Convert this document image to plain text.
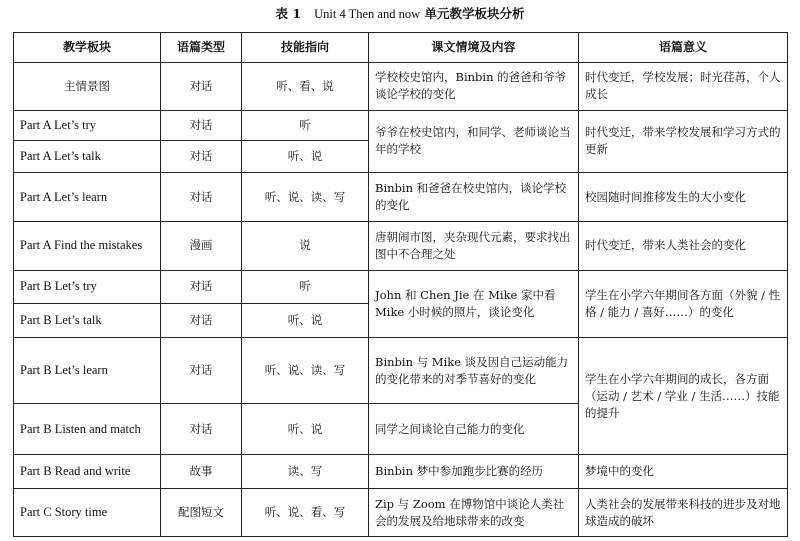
表 1 Unit 4 Then and now 单元教学板块分析
教学板块	语篇类型	技能指向	课文情境及内容	语篇意义
主情景图	对话	听、看、说	学校校史馆内，Binbin 的爸爸和爷爷谈论学校的变化	时代变迁，学校发展；时光荏苒，个人成长
Part A Let’s try	对话	听	爷爷在校史馆内，和同学、老师谈论当年的学校	时代变迁，带来学校发展和学习方式的更新
Part A Let’s talk	对话	听、说		
Part A Let’s learn	对话	听、说、读、写	Binbin 和爸爸在校史馆内，谈论学校的变化	校园随时间推移发生的大小变化
Part A Find the mistakes	漫画	说	唐朝闹市图，夹杂现代元素，要求找出图中不合理之处	时代变迁，带来人类社会的变化
Part B Let’s try	对话	听	John 和 Chen Jie 在 Mike 家中看 Mike 小时候的照片，谈论变化	学生在小学六年期间各方面（外貌 / 性格 / 能力 / 喜好……）的变化
Part B Let’s talk	对话	听、说		
Part B Let’s learn	对话	听、说、读、写	Binbin 与 Mike 谈及因自己运动能力的变化带来的对季节喜好的变化	学生在小学六年期间的成长，各方面（运动 / 艺术 / 学业 / 生活……）技能的提升
Part B Listen and match	对话	听、说	同学之间谈论自己能力的变化	
Part B Read and write	故事	读、写	Binbin 梦中参加跑步比赛的经历	梦境中的变化
Part C Story time	配图短文	听、说、看、写	Zip 与 Zoom 在博物馆中谈论人类社会的发展及给地球带来的改变	人类社会的发展带来科技的进步及对地球造成的破坏
